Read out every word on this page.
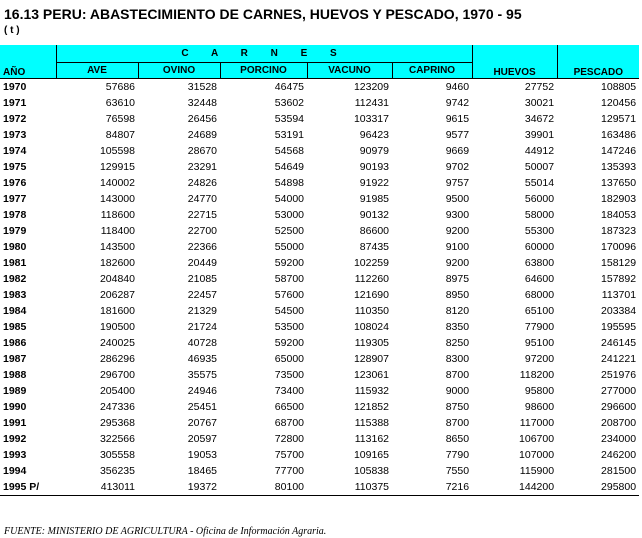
16.13 PERU: ABASTECIMIENTO DE CARNES, HUEVOS Y PESCADO, 1970 - 95
( t )
AÑO	C A R N E S					HUEVOS	PESCADO
	AVE	OVINO	PORCINO	VACUNO	CAPRINO		
1970	57686	31528	46475	123209	9460	27752	108805
1971	63610	32448	53602	112431	9742	30021	120456
1972	76598	26456	53594	103317	9615	34672	129571
1973	84807	24689	53191	96423	9577	39901	163486
1974	105598	28670	54568	90979	9669	44912	147246
1975	129915	23291	54649	90193	9702	50007	135393
1976	140002	24826	54898	91922	9757	55014	137650
1977	143000	24770	54000	91985	9500	56000	182903
1978	118600	22715	53000	90132	9300	58000	184053
1979	118400	22700	52500	86600	9200	55300	187323
1980	143500	22366	55000	87435	9100	60000	170096
1981	182600	20449	59200	102259	9200	63800	158129
1982	204840	21085	58700	112260	8975	64600	157892
1983	206287	22457	57600	121690	8950	68000	113701
1984	181600	21329	54500	110350	8120	65100	203384
1985	190500	21724	53500	108024	8350	77900	195595
1986	240025	40728	59200	119305	8250	95100	246145
1987	286296	46935	65000	128907	8300	97200	241221
1988	296700	35575	73500	123061	8700	118200	251976
1989	205400	24946	73400	115932	9000	95800	277000
1990	247336	25451	66500	121852	8750	98600	296600
1991	295368	20767	68700	115388	8700	117000	208700
1992	322566	20597	72800	113162	8650	106700	234000
1993	305558	19053	75700	109165	7790	107000	246200
1994	356235	18465	77700	105838	7550	115900	281500
1995 P/	413011	19372	80100	110375	7216	144200	295800
FUENTE: MINISTERIO DE AGRICULTURA - Oficina de Información Agraria.
